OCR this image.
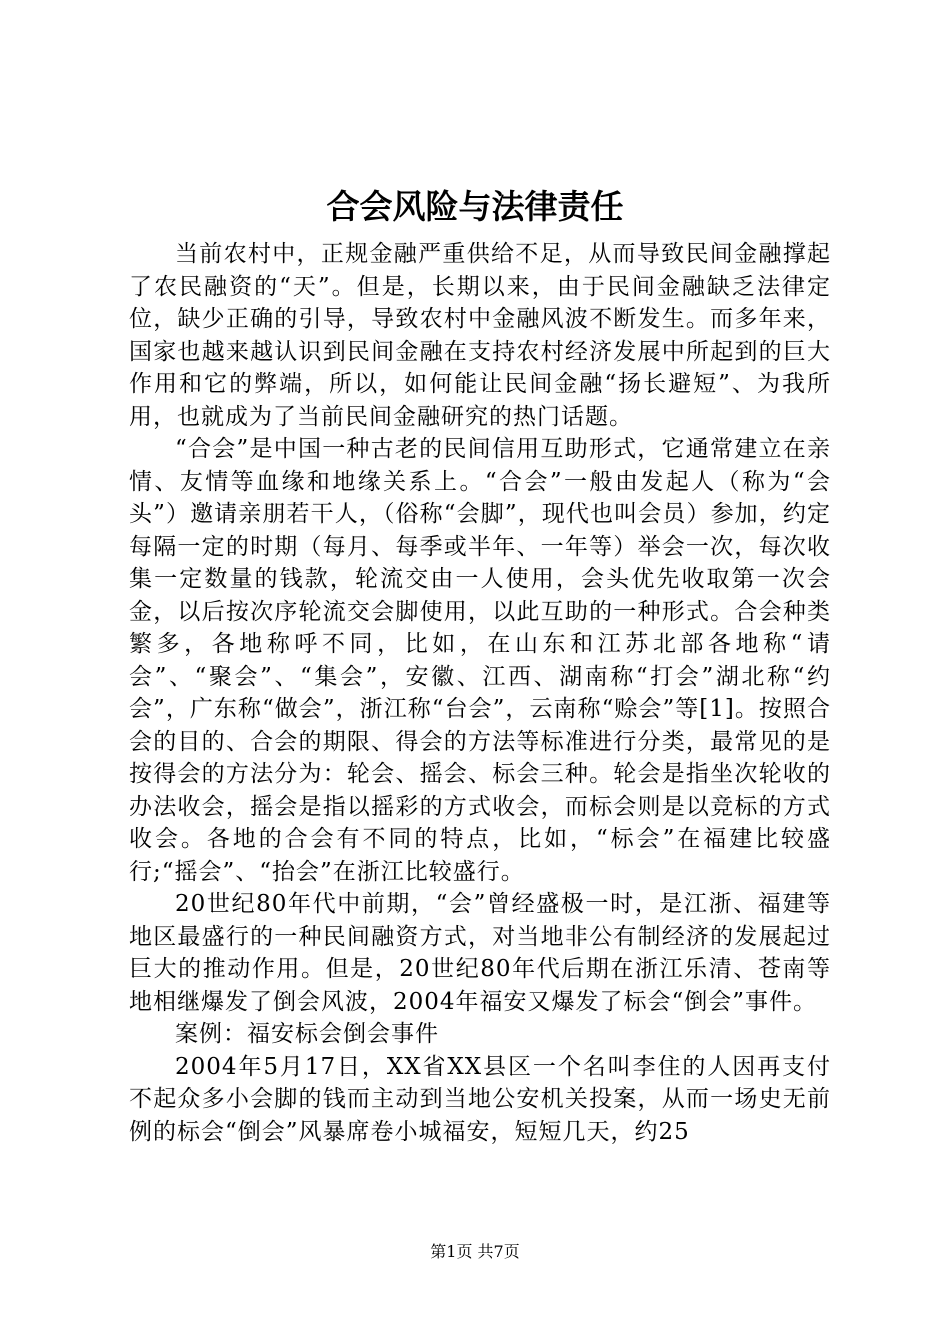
合会风险与法律责任

当前农村中，正规金融严重供给不足，从而导致民间金融撑起了农民融资的“天”。但是，长期以来，由于民间金融缺乏法律定位，缺少正确的引导，导致农村中金融风波不断发生。而多年来，国家也越来越认识到民间金融在支持农村经济发展中所起到的巨大作用和它的弊端，所以，如何能让民间金融“扬长避短”、为我所用，也就成为了当前民间金融研究的热门话题。

“合会”是中国一种古老的民间信用互助形式，它通常建立在亲情、友情等血缘和地缘关系上。“合会”一般由发起人（称为“会头”）邀请亲朋若干人，（俗称“会脚”，现代也叫会员）参加，约定每隔一定的时期（每月、每季或半年、一年等）举会一次，每次收集一定数量的钱款，轮流交由一人使用，会头优先收取第一次会金，以后按次序轮流交会脚使用，以此互助的一种形式。合会种类繁多，各地称呼不同，比如，在山东和江苏北部各地称“请会”、“聚会”、“集会”，安徽、江西、湖南称“打会”湖北称“约会”，广东称“做会”，浙江称“台会”，云南称“赊会”等[1]。按照合会的目的、合会的期限、得会的方法等标准进行分类，最常见的是按得会的方法分为：轮会、摇会、标会三种。轮会是指坐次轮收的办法收会，摇会是指以摇彩的方式收会，而标会则是以竞标的方式收会。各地的合会有不同的特点，比如，“标会”在福建比较盛行;“摇会”、“抬会”在浙江比较盛行。

20世纪80年代中前期，“会”曾经盛极一时，是江浙、福建等地区最盛行的一种民间融资方式，对当地非公有制经济的发展起过巨大的推动作用。但是，20世纪80年代后期在浙江乐清、苍南等地相继爆发了倒会风波，2004年福安又爆发了标会“倒会”事件。

案例：福安标会倒会事件

2004年5月17日，XX省XX县区一个名叫李住的人因再支付不起众多小会脚的钱而主动到当地公安机关投案，从而一场史无前例的标会“倒会”风暴席卷小城福安，短短几天，约25

第1页 共7页
